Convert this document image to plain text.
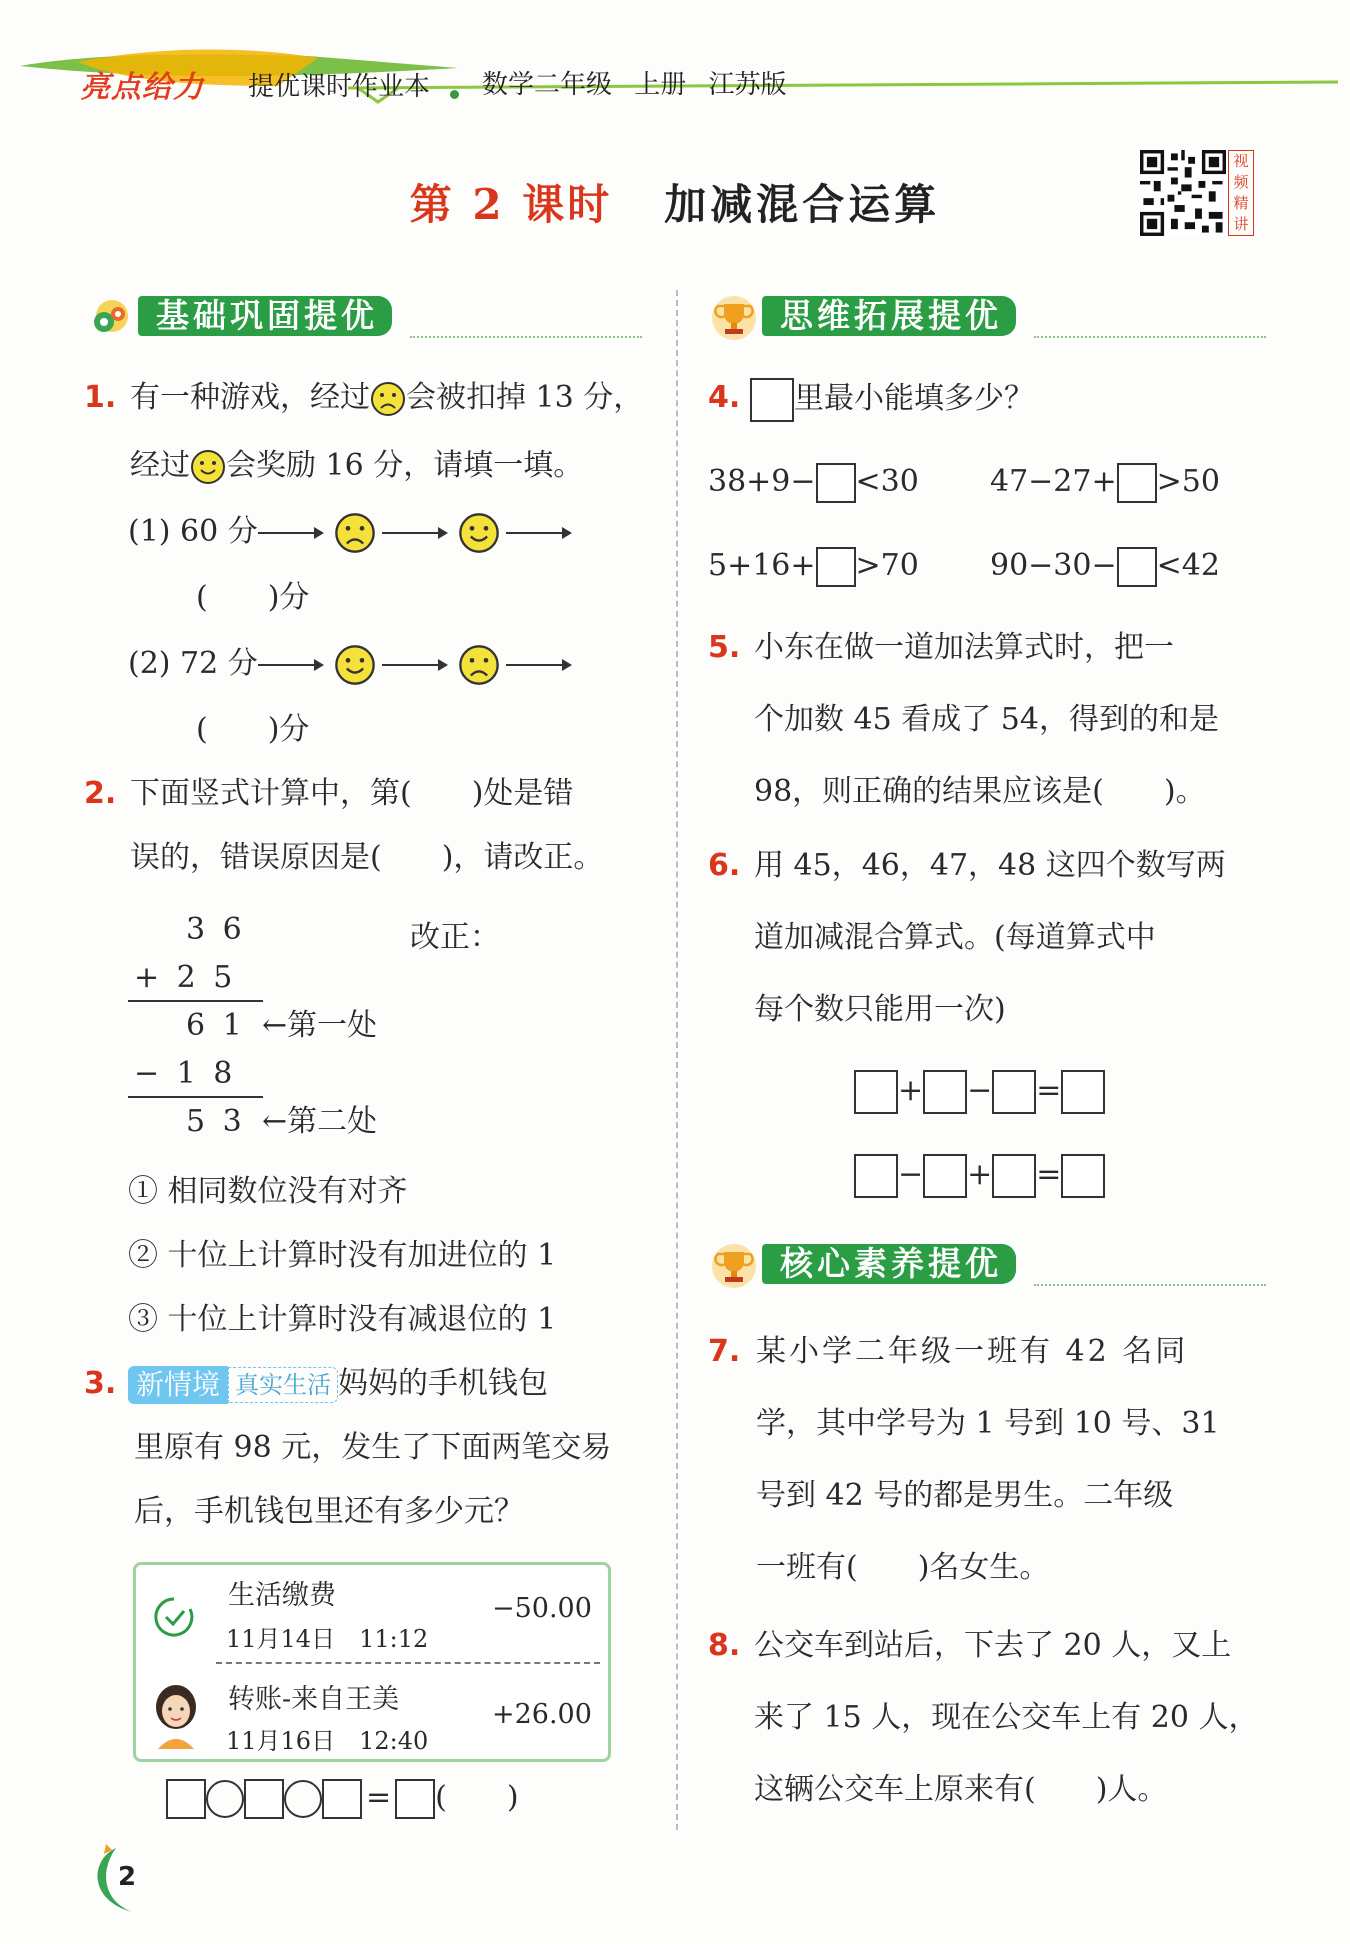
亮点给力 提优课时作业本 数学二年级 上册 江苏版
第 2 课时 加减混合运算
视频精讲
基础巩固提优
1. 有一种游戏，经过 会被扣掉 13 分，
经过 会奖励 16 分，请填一填。
(1) 60 分
(　　)分
(2) 72 分
(　　)分
2. 下面竖式计算中，第(　　)处是错
误的，错误原因是(　　)，请改正。
3 6
+ 2 5
6 1 ←第一处
− 1 8
5 3 ←第二处
改正：
① 相同数位没有对齐
② 十位上计算时没有加进位的 1
③ 十位上计算时没有减退位的 1
3. 新情境 真实生活 妈妈的手机钱包
里原有 98 元，发生了下面两笔交易
后，手机钱包里还有多少元？
生活缴费
11月14日　11:12
−50.00
转账-来自王美
11月16日　12:40
+26.00
= (　　)
思维拓展提优
4.	里最小能填多少？
38+9− <30 47−27+ >50
5+16+ >70 90−30− <42
5. 小东在做一道加法算式时，把一
个加数 45 看成了 54，得到的和是
98，则正确的结果应该是(　　)。
6. 用 45，46，47，48 这四个数写两
道加减混合算式。(每道算式中
每个数只能用一次)
+ − =
− + =
核心素养提优
7. 某小学二年级一班有 42 名同
学，其中学号为 1 号到 10 号、31
号到 42 号的都是男生。二年级
一班有(　　)名女生。
8. 公交车到站后，下去了 20 人，又上
来了 15 人，现在公交车上有 20 人，
这辆公交车上原来有(　　)人。
2
